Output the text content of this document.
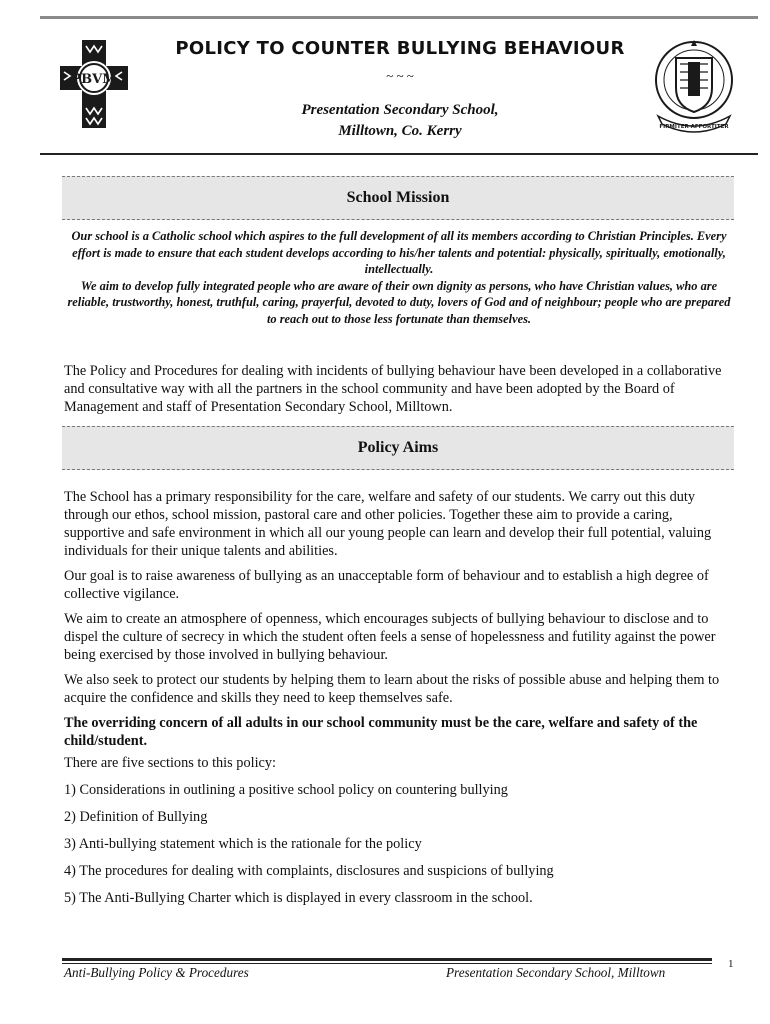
PBVM
POLICY TO COUNTER BULLYING BEHAVIOUR
~ ~ ~
Presentation Secondary School,
Milltown, Co. Kerry	FIRMITER AFFORTITER
School Mission

Our school is a Catholic school which aspires to the full development of all its members according to Christian Principles. Every effort is made to ensure that each student develops according to his/her talents and potential: physically, spiritually, emotionally, intellectually.

We aim to develop fully integrated people who are aware of their own dignity as persons, who have Christian values, who are reliable, trustworthy, honest, truthful, caring, prayerful, devoted to duty, lovers of God and of neighbour; people who are prepared to reach out to those less fortunate than themselves.

The Policy and Procedures for dealing with incidents of bullying behaviour have been developed in a collaborative and consultative way with all the partners in the school community and have been adopted by the Board of Management and staff of Presentation Secondary School, Milltown.

Policy Aims

The School has a primary responsibility for the care, welfare and safety of our students. We carry out this duty through our ethos, school mission, pastoral care and other policies. Together these aim to provide a caring, supportive and safe environment in which all our young people can learn and develop their full potential, valuing individuals for their unique talents and abilities.

Our goal is to raise awareness of bullying as an unacceptable form of behaviour and to establish a high degree of collective vigilance.

We aim to create an atmosphere of openness, which encourages subjects of bullying behaviour to disclose and to dispel the culture of secrecy in which the student often feels a sense of hopelessness and futility against the power being exercised by those involved in bullying behaviour.

We also seek to protect our students by helping them to learn about the risks of possible abuse and helping them to acquire the confidence and skills they need to keep themselves safe.

The overriding concern of all adults in our school community must be the care, welfare and safety of the child/student.

There are five sections to this policy:

1) Considerations in outlining a positive school policy on countering bullying

2) Definition of Bullying

3) Anti-bullying statement which is the rationale for the policy

4) The procedures for dealing with complaints, disclosures and suspicions of bullying

5) The Anti-Bullying Charter which is displayed in every classroom in the school.

Anti-Bullying Policy & Procedures	Presentation Secondary School, Milltown
1
